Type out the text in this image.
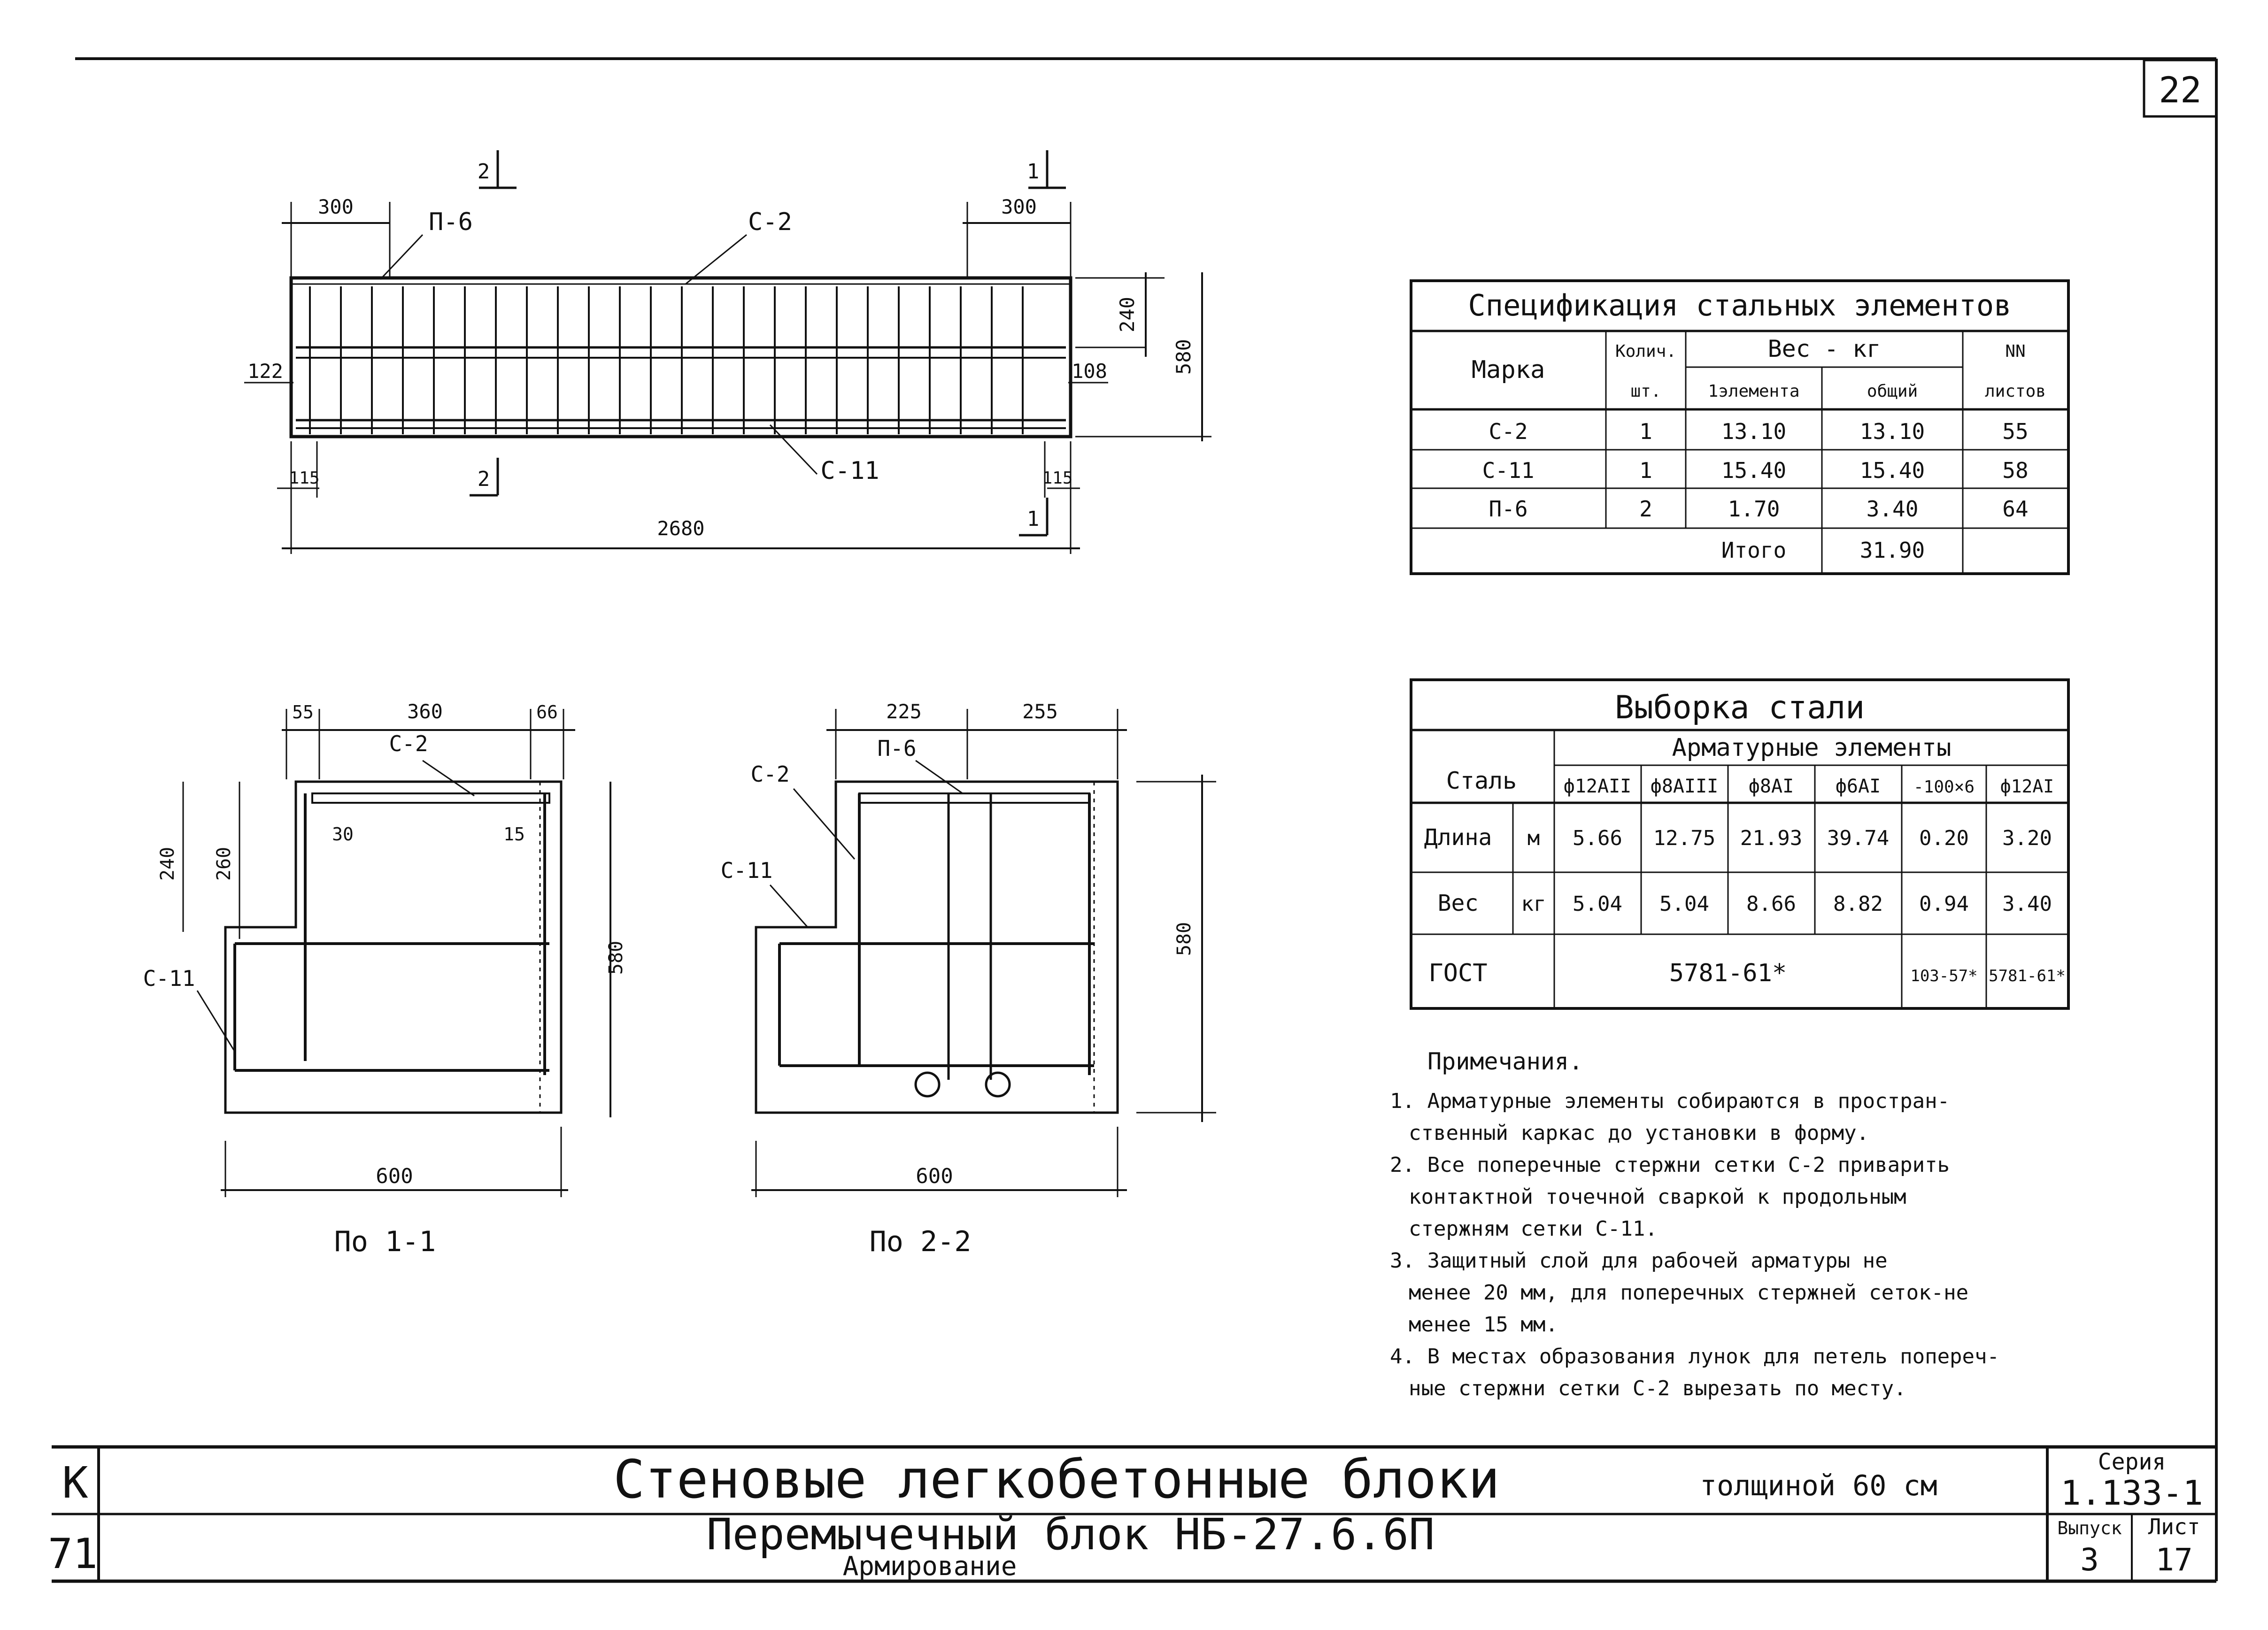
22
300	300
П-6	С-2
С-11
122	108
240
580
115	115
2680
2	1
2
1
600
По 1-1
55	360	66
30	15
240 260
580
С-2
С-11
600
По 2-2
225	255
580
С-2
С-11
П-6
Спецификация стальных элементов
Марка
Колич.
шт.
Вес - кг
1элемента	общий
NN
листов
С-2	1	13.10	13.10	55
С-11	1	15.40	15.40	58
П-6	2	1.70	3.40	64
Итого	31.90
Выборка стали
Сталь
Арматурные элементы
ф12АII ф8АIII ф8АI ф6АI -100×6 ф12АI
Длина м 5.66 12.75 21.93 39.74 0.20 3.20
Вес кг 5.04 5.04 8.66 8.82 0.94 3.40
ГОСТ	5781-61*	103-57* 5781-61*
Примечания.
1. Арматурные элементы собираются в простран-
ственный каркас до установки в форму.
2. Все поперечные стержни сетки С-2 приварить
контактной точечной сваркой к продольным
стержням сетки С-11.
3. Защитный слой для рабочей арматуры не
менее 20 мм, для поперечных стержней сеток-не
менее 15 мм.
4. В местах образования лунок для петель попереч-
ные стержни сетки С-2 вырезать по месту.
К
71
Стеновые легкобетонные блоки	толщиной 60 см
Перемычечный блок НБ-27.6.6П
Армирование
Серия
1.133-1
Выпуск
3
Лист
17
